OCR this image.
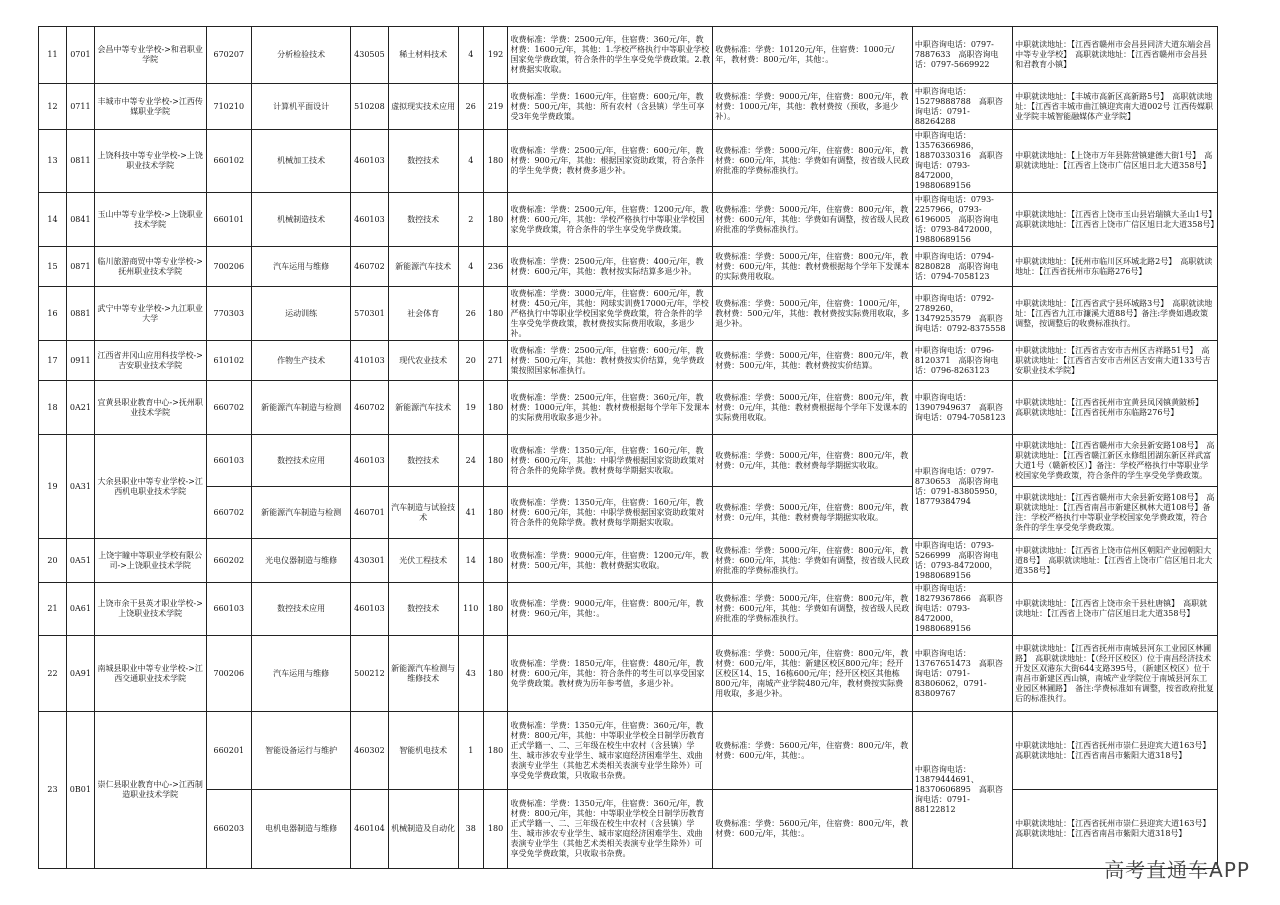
11	0701	会昌中等专业学校->和君职业学院	670207	分析检验技术	430505	稀土材料技术	4	192	收费标准：学费：2500元/年，住宿费：360元/年，教材费：1600元/年，其他：1.学校严格执行中等职业学校国家免学费政策，符合条件的学生享受免学费政策。2.教材费据实收取。	收费标准：学费：10120元/年，住宿费：1000元/年，教材费：800元/年，其他：。	中职咨询电话：0797-7887633　高职咨询电话：0797-5669922	中职就读地址：【江西省赣州市会昌县同济大道东端会昌中等专业学校】　高职就读地址：【江西省赣州市会昌县和君教育小镇】
12	0711	丰城市中等专业学校->江西传媒职业学院	710210	计算机平面设计	510208	虚拟现实技术应用	26	219	收费标准：学费：1600元/年，住宿费：600元/年，教材费：500元/年，其他：所有农村（含县镇）学生可享受3年免学费政策。	收费标准：学费：9000元/年，住宿费：800元/年，教材费：1000元/年，其他：教材费按（预收，多退少补）。	中职咨询电话：15279888788　高职咨询电话：0791-88264288	中职就读地址：【丰城市高新区高新路5号】　高职就读地址：【江西省丰城市曲江镇迎宾南大道002号 江西传媒职业学院丰城智能融媒体产业学院】
13	0811	上饶科技中等专业学校->上饶职业技术学院	660102	机械加工技术	460103	数控技术	4	180	收费标准：学费：2500元/年，住宿费：600元/年，教材费：900元/年，其他：根据国家资助政策，符合条件的学生免学费；教材费多退少补。	收费标准：学费：5000元/年，住宿费：800元/年，教材费：600元/年，其他：学费如有调整，按省级人民政府批准的学费标准执行。	中职咨询电话：13576366986，18870330316　高职咨询电话：0793-8472000，19880689156	中职就读地址：【上饶市万年县陈营镇建德大街1号】　高职就读地址：【江西省上饶市广信区旭日北大道358号】
14	0841	玉山中等专业学校->上饶职业技术学院	660101	机械制造技术	460103	数控技术	2	180	收费标准：学费：2500元/年，住宿费：1200元/年，教材费：600元/年，其他：学校严格执行中等职业学校国家免学费政策，符合条件的学生享受免学费政策。	收费标准：学费：5000元/年，住宿费：800元/年，教材费：600元/年，其他：学费如有调整，按省级人民政府批准的学费标准执行。	中职咨询电话：0793-2257966，0793-6196005　高职咨询电话：0793-8472000，19880689156	中职就读地址：【江西省上饶市玉山县岩瑞镇大圣山1号】　高职就读地址：【江西省上饶市广信区旭日北大道358号】
15	0871	临川旅游商贸中等专业学校->抚州职业技术学院	700206	汽车运用与维修	460702	新能源汽车技术	4	236	收费标准：学费：2500元/年，住宿费：400元/年，教材费：600元/年，其他：教材按实际结算多退少补。	收费标准：学费：5000元/年，住宿费：800元/年，教材费：600元/年，其他：教材费根据每个学年下发课本的实际费用收取。	中职咨询电话：0794-8280828　高职咨询电话：0794-7058123	中职就读地址：【抚州市临川区环城北路2号】　高职就读地址：【江西省抚州市东临路276号】
16	0881	武宁中等专业学校->九江职业大学	770303	运动训练	570301	社会体育	26	180	收费标准：学费：3000元/年，住宿费：600元/年，教材费：450元/年，其他：网球实训费17000元/年，学校严格执行中等职业学校国家免学费政策，符合条件的学生享受免学费政策，教材费按实际费用收取，多退少补。	收费标准：学费：5000元/年，住宿费：1000元/年，教材费：500元/年，其他：教材费按实际费用收取，多退少补。	中职咨询电话：0792-2789260，13479253579　高职咨询电话：0792-8375558	中职就读地址：【江西省武宁县环城路3号】　高职就读地址：【江西省九江市濂溪大道88号】备注:学费如遇政策调整，按调整后的收费标准执行。
17	0911	江西省井冈山应用科技学校->吉安职业技术学院	610102	作物生产技术	410103	现代农业技术	20	271	收费标准：学费：2500元/年，住宿费：600元/年，教材费：500元/年，其他：教材费按实价结算，免学费政策按照国家标准执行。	收费标准：学费：5000元/年，住宿费：800元/年，教材费：500元/年，其他：教材费按实价结算。	中职咨询电话：0796-8120371　高职咨询电话：0796-8263123	中职就读地址：【江西省吉安市吉州区吉祥路51号】　高职就读地址：【江西省吉安市吉州区吉安南大道133号吉安职业技术学院】
18	0A21	宜黄县职业教育中心->抚州职业技术学院	660702	新能源汽车制造与检测	460702	新能源汽车技术	19	180	收费标准：学费：2500元/年，住宿费：360元/年，教材费：1000元/年，其他：教材费根据每个学年下发课本的实际费用收取多退少补。	收费标准：学费：5000元/年，住宿费：800元/年，教材费：0元/年，其他：教材费根据每个学年下发课本的实际费用收取。	中职咨询电话：13907949637　高职咨询电话：0794-7058123	中职就读地址：【江西省抚州市宜黄县凤冈镇黄陂桥】　高职就读地址：【江西省抚州市东临路276号】
19	0A31	大余县职业中等专业学校->江西机电职业技术学院	660103	数控技术应用	460103	数控技术	24	180	收费标准：学费：1350元/年，住宿费：160元/年，教材费：600元/年，其他：中职学费根据国家资助政策对符合条件的免除学费。教材费每学期据实收取。	收费标准：学费：5000元/年，住宿费：800元/年，教材费：0元/年，其他：教材费每学期据实收取。	中职咨询电话：0797-8730653　高职咨询电话：0791-83805950，18779384794	中职就读地址：【江西省赣州市大余县新安路108号】　高职就读地址：【江西省赣江新区永修组团湖东新区祥武富大道1号（赣新校区）】备注：学校严格执行中等职业学校国家免学费政策，符合条件的学生享受免学费政策。
			660702	新能源汽车制造与检测	460701	汽车制造与试验技术	41	180	收费标准：学费：1350元/年，住宿费：160元/年，教材费：600元/年，其他：中职学费根据国家资助政策对符合条件的免除学费。教材费每学期据实收取。	收费标准：学费：5000元/年，住宿费：800元/年，教材费：0元/年，其他：教材费每学期据实收取。		中职就读地址：【江西省赣州市大余县新安路108号】　高职就读地址：【江西省南昌市新建区枫林大道108号】备注：学校严格执行中等职业学校国家免学费政策，符合条件的学生享受免学费政策。
20	0A51	上饶宇瞳中等职业学校有限公司->上饶职业技术学院	660202	光电仪器制造与维修	430301	光伏工程技术	14	180	收费标准：学费：9000元/年，住宿费：1200元/年，教材费：500元/年，其他：教材费据实收取。	收费标准：学费：5000元/年，住宿费：800元/年，教材费：600元/年，其他：学费如有调整，按省级人民政府批准的学费标准执行。	中职咨询电话：0793-5266999　高职咨询电话：0793-8472000，19880689156	中职就读地址：【江西省上饶市信州区朝阳产业园朝阳大道8号】　高职就读地址：【江西省上饶市广信区旭日北大道358号】
21	0A61	上饶市余干县英才职业学校->上饶职业技术学院	660103	数控技术应用	460103	数控技术	110	180	收费标准：学费：9000元/年，住宿费：800元/年，教材费：960元/年，其他：。	收费标准：学费：5000元/年，住宿费：800元/年，教材费：600元/年，其他：学费如有调整，按省级人民政府批准的学费标准执行。	中职咨询电话：18279367866　高职咨询电话：0793-8472000，19880689156	中职就读地址：【江西省上饶市余干县杜唐镇】　高职就读地址：【江西省上饶市广信区旭日北大道358号】
22	0A91	南城县职业中等专业学校->江西交通职业技术学院	700206	汽车运用与维修	500212	新能源汽车检测与维修技术	43	180	收费标准：学费：1850元/年，住宿费：480元/年，教材费：600元/年，其他：符合条件的考生可以享受国家免学费政策。教材费为历年参考值，多退少补。	收费标准：学费：5000元/年，住宿费：800元/年，教材费：600元/年，其他：新建区校区800元/年；经开区校区14、15、16栋600元/年；经开区校区其他栋800元/年，南城产业学院480元/年，教材费按实际费用收取，多退少补。	中职咨询电话：13767651473　高职咨询电话：0791-83806062，0791-83809767	中职就读地址：【江西省抚州市南城县河东工业园区林圃路】　高职就读地址：【（经开区校区）位于南昌经济技术开发区双港东大街644支路395号，（新建区校区）位于南昌市新建区西山镇，南城产业学院位于南城县河东工业园区林圃路】　备注:学费标准如有调整，按省政府批复后的标准执行。
23	0B01	崇仁县职业教育中心->江西制造职业技术学院	660201	智能设备运行与维护	460302	智能机电技术	1	180	收费标准：学费：1350元/年，住宿费：360元/年，教材费：800元/年，其他：中等职业学校全日制学历教育正式学籍一、二、三年级在校生中农村（含县镇）学生、城市涉农专业学生、城市家庭经济困难学生、戏曲表演专业学生（其他艺术类相关表演专业学生除外）可享受免学费政策，只收取书杂费。	收费标准：学费：5600元/年，住宿费：800元/年，教材费：600元/年，其他：。	中职咨询电话：13879444691、18370606895　高职咨询电话：0791-88122812	中职就读地址：【江西省抚州市崇仁县迎宾大道163号】　高职就读地址：【江西省南昌市紫阳大道318号】
			660203	电机电器制造与维修	460104	机械制造及自动化	38	180	收费标准：学费：1350元/年，住宿费：360元/年，教材费：800元/年，其他：中等职业学校全日制学历教育正式学籍一、二、三年级在校生中农村（含县镇）学生、城市涉农专业学生、城市家庭经济困难学生、戏曲表演专业学生（其他艺术类相关表演专业学生除外）可享受免学费政策，只收取书杂费。	收费标准：学费：5600元/年，住宿费：800元/年，教材费：600元/年，其他：。		中职就读地址：【江西省抚州市崇仁县迎宾大道163号】　高职就读地址：【江西省南昌市紫阳大道318号】
高考直通车APP
